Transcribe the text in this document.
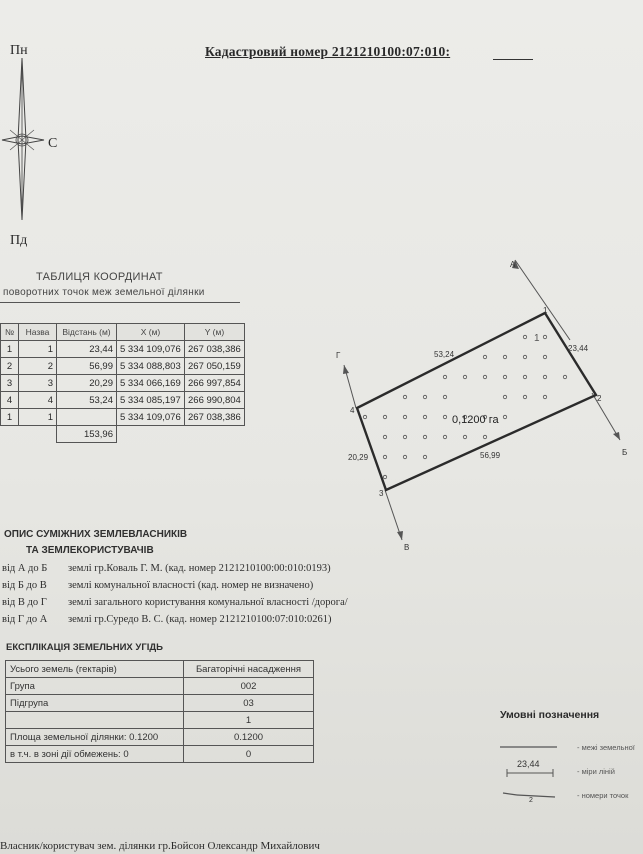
Кадастровий номер 2121210100:07:010:
Пн
С
Пд
ТАБЛИЦЯ КООРДИНАТ
поворотних точок меж земельної ділянки
№	Назва	Відстань (м)	X (м)	Y (м)
1	1	23,44	5 334 109,076	267 038,386
2	2	56,99	5 334 088,803	267 050,159
3	3	20,29	5 334 066,169	266 997,854
4	4	53,24	5 334 085,197	266 990,804
1	1		5 334 109,076	267 038,386
		153,96		
0,1200 га
1
1
2
3
4
23,44
56,99
20,29
53,24
А
Б
В
Г
ОПИС СУМІЖНИХ ЗЕМЛЕВЛАСНИКІВ
ТА ЗЕМЛЕКОРИСТУВАЧІВ
від А до Б землі гр.Коваль Г. М. (кад. номер 2121210100:00:010:0193)
від Б до В землі комунальної власності (кад. номер не визначено)
від В до Г землі загального користування комунальної власності /дорога/
від Г до А землі гр.Суредо В. С. (кад. номер 2121210100:07:010:0261)
ЕКСПЛІКАЦІЯ ЗЕМЕЛЬНИХ УГІДЬ
Усього земель (гектарів)	Багаторічні насадження
Група	002
Підгрупа	03
	1
Площа земельної ділянки: 0.1200	0.1200
в т.ч. в зоні дії обмежень: 0	0
Умовні позначення
23,44
2
- межі земельної
- міри ліній
- номери точок
Власник/користувач зем. ділянки гр.Бойсон Олександр Михайлович
